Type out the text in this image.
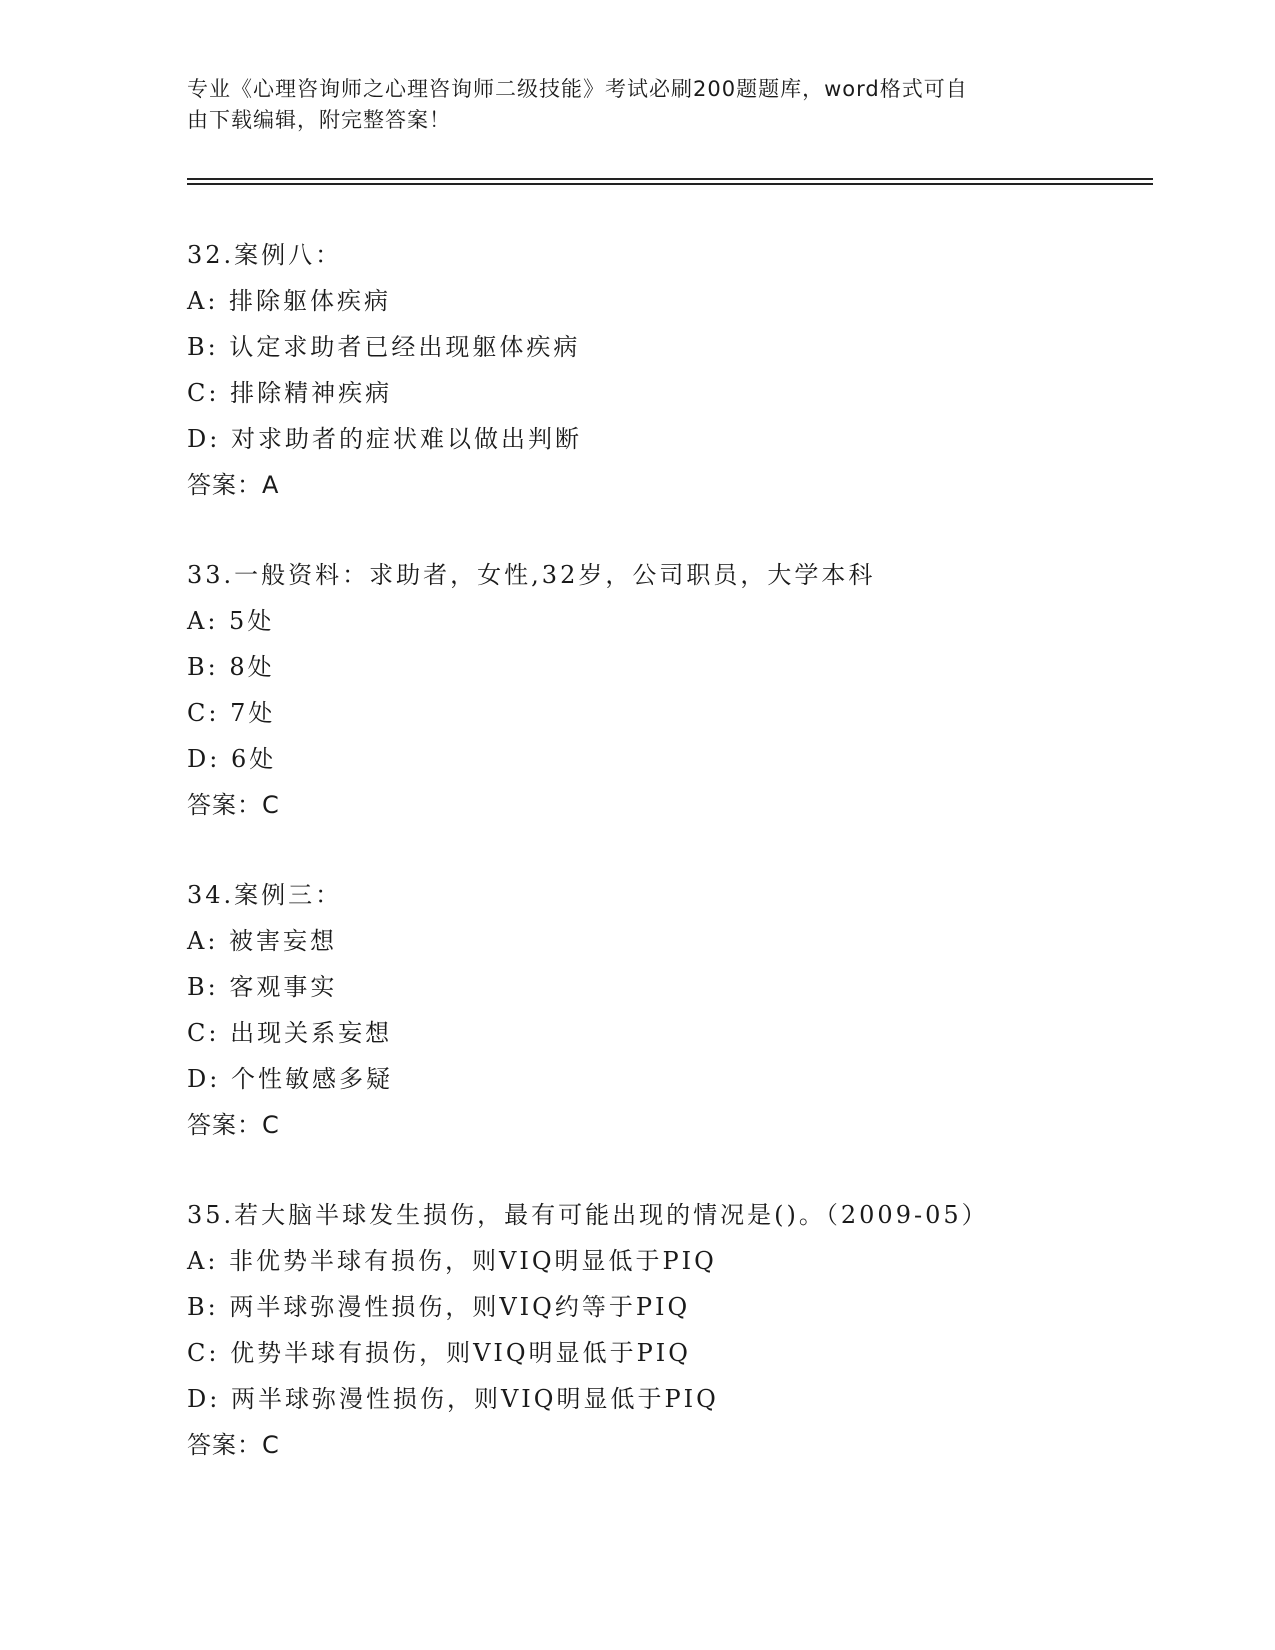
专业《心理咨询师之心理咨询师二级技能》考试必刷200题题库，word格式可自
由下载编辑，附完整答案！
32.案例八：
A: 排除躯体疾病
B: 认定求助者已经出现躯体疾病
C: 排除精神疾病
D: 对求助者的症状难以做出判断
答案：A
33.一般资料：求助者，女性,32岁，公司职员，大学本科
A: 5处
B: 8处
C: 7处
D: 6处
答案：C
34.案例三：
A: 被害妄想
B: 客观事实
C: 出现关系妄想
D: 个性敏感多疑
答案：C
35.若大脑半球发生损伤，最有可能出现的情况是()。（2009-05）
A: 非优势半球有损伤，则VIQ明显低于PIQ
B: 两半球弥漫性损伤，则VIQ约等于PIQ
C: 优势半球有损伤，则VIQ明显低于PIQ
D: 两半球弥漫性损伤，则VIQ明显低于PIQ
答案：C
